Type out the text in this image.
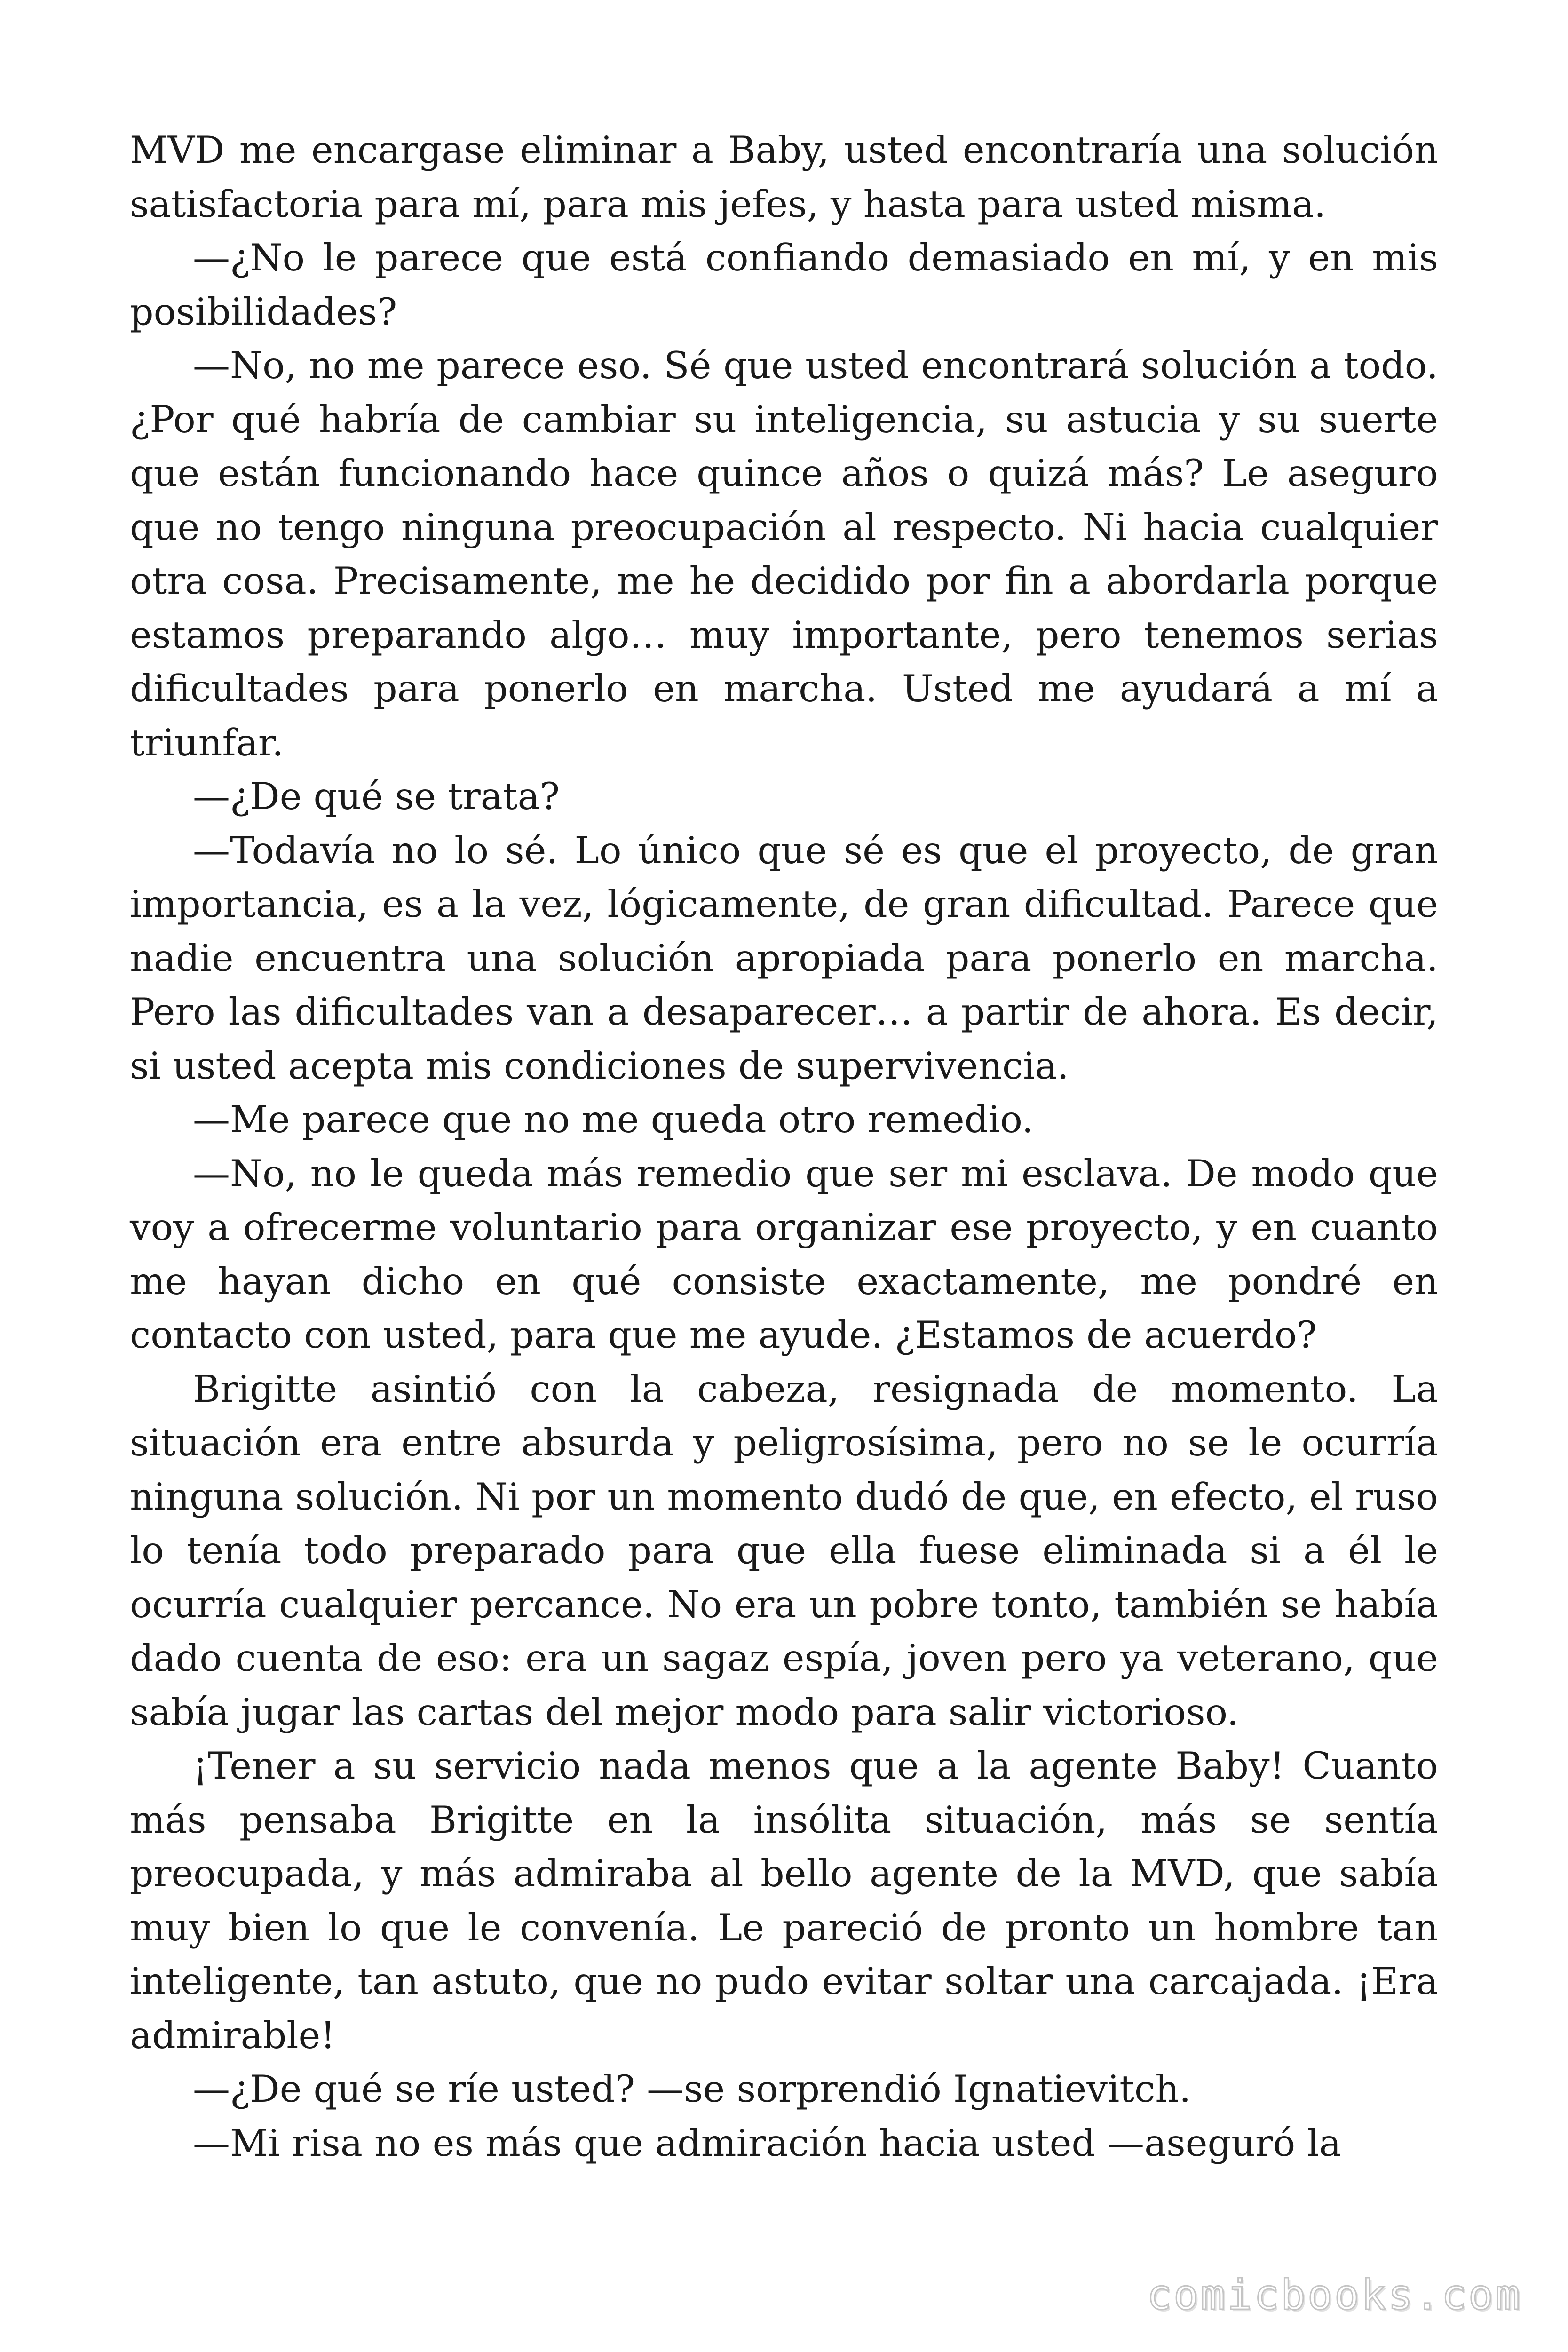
MVD me encargase eliminar a Baby, usted encontraría una solución satisfactoria para mí, para mis jefes, y hasta para usted misma.

—¿No le parece que está confiando demasiado en mí, y en mis posibilidades?

—No, no me parece eso. Sé que usted encontrará solución a todo. ¿Por qué habría de cambiar su inteligencia, su astucia y su suerte que están funcionando hace quince años o quizá más? Le aseguro que no tengo ninguna preocupación al respecto. Ni hacia cualquier otra cosa. Precisamente, me he decidido por fin a abordarla porque estamos preparando algo… muy importante, pero tenemos serias dificultades para ponerlo en marcha. Usted me ayudará a mí a triunfar.

—¿De qué se trata?

—Todavía no lo sé. Lo único que sé es que el proyecto, de gran importancia, es a la vez, lógicamente, de gran dificultad. Parece que nadie encuentra una solución apropiada para ponerlo en marcha. Pero las dificultades van a desaparecer… a partir de ahora. Es decir, si usted acepta mis condiciones de supervivencia.

—Me parece que no me queda otro remedio.

—No, no le queda más remedio que ser mi esclava. De modo que voy a ofrecerme voluntario para organizar ese proyecto, y en cuanto me hayan dicho en qué consiste exactamente, me pondré en contacto con usted, para que me ayude. ¿Estamos de acuerdo?

Brigitte asintió con la cabeza, resignada de momento. La situación era entre absurda y peligrosísima, pero no se le ocurría ninguna solución. Ni por un momento dudó de que, en efecto, el ruso lo tenía todo preparado para que ella fuese eliminada si a él le ocurría cualquier percance. No era un pobre tonto, también se había dado cuenta de eso: era un sagaz espía, joven pero ya veterano, que sabía jugar las cartas del mejor modo para salir victorioso.

¡Tener a su servicio nada menos que a la agente Baby! Cuanto más pensaba Brigitte en la insólita situación, más se sentía preocupada, y más admiraba al bello agente de la MVD, que sabía muy bien lo que le convenía. Le pareció de pronto un hombre tan inteligente, tan astuto, que no pudo evitar soltar una carcajada. ¡Era admirable!

—¿De qué se ríe usted? —se sorprendió Ignatievitch.

—Mi risa no es más que admiración hacia usted —aseguró la

comicbooks.com
